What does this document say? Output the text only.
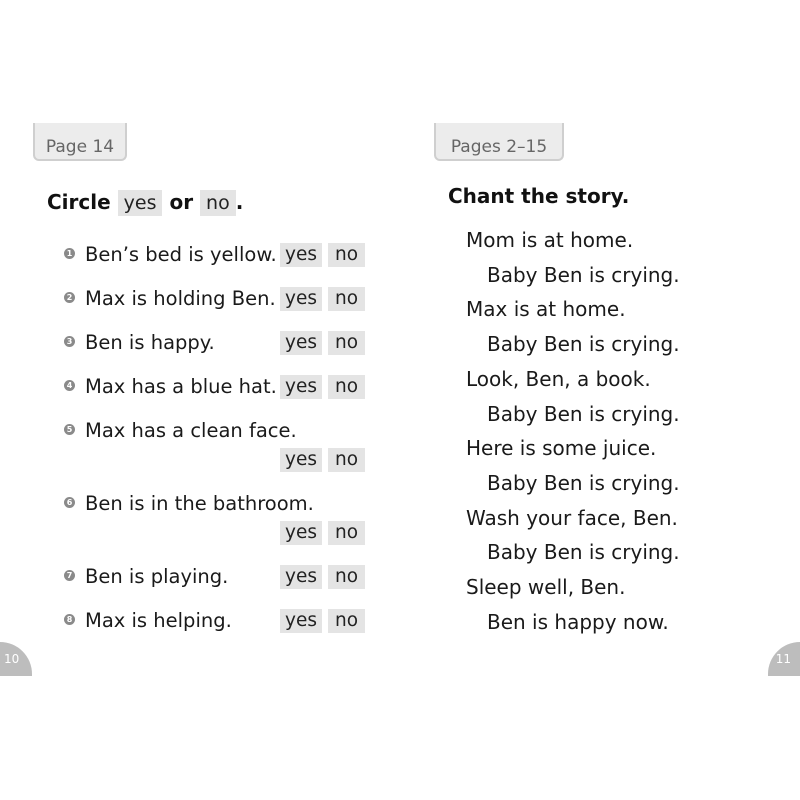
Page 14
Circle yes or no .
1 Ben’s bed is yellow. yes no
2 Max is holding Ben. yes no
3 Ben is happy.	yes no
4 Max has a blue hat. yes no
5 Max has a clean face.
yes no
6 Ben is in the bathroom.
yes no
7 Ben is playing.	yes no
8 Max is helping.	yes no
10
Pages 2–15
Chant the story.
Mom is at home.
Baby Ben is crying.
Max is at home.
Baby Ben is crying.
Look, Ben, a book.
Baby Ben is crying.
Here is some juice.
Baby Ben is crying.
Wash your face, Ben.
Baby Ben is crying.
Sleep well, Ben.
Ben is happy now.
11
